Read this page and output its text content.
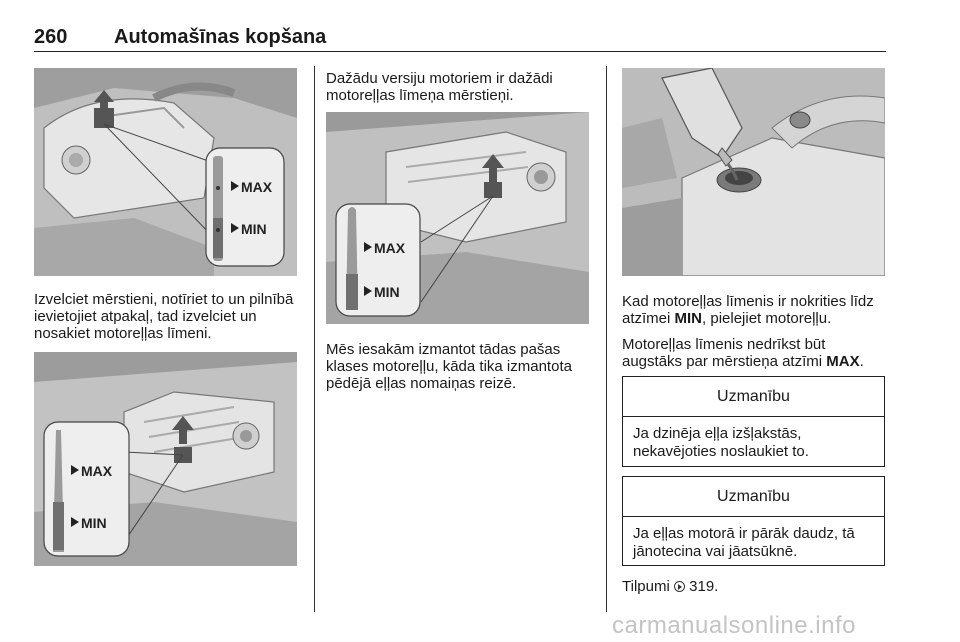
260 Automašīnas kopšana
MAX
MIN

Izvelciet mērstieni, notīriet to un pilnībā ievietojiet atpakaļ, tad izvelciet un nosakiet motoreļļas līmeni.

MAX
MIN

Dažādu versiju motoriem ir dažādi motoreļļas līmeņa mērstieņi.

MAX
MIN

Mēs iesakām izmantot tādas pašas klases motoreļļu, kāda tika izmantota pēdējā eļļas nomaiņas reizē.

Kad motoreļļas līmenis ir nokrities līdz atzīmei MIN, pielejiet motoreļļu.

Motoreļļas līmenis nedrīkst būt augstāks par mērstieņa atzīmi MAX.

Uzmanību
Ja dzinēja eļļa izšļakstās, nekavējoties noslaukiet to.
Uzmanību
Ja eļļas motorā ir pārāk daudz, tā jānotecina vai jāatsūknē.

Tilpumi 319.

carmanualsonline.info
